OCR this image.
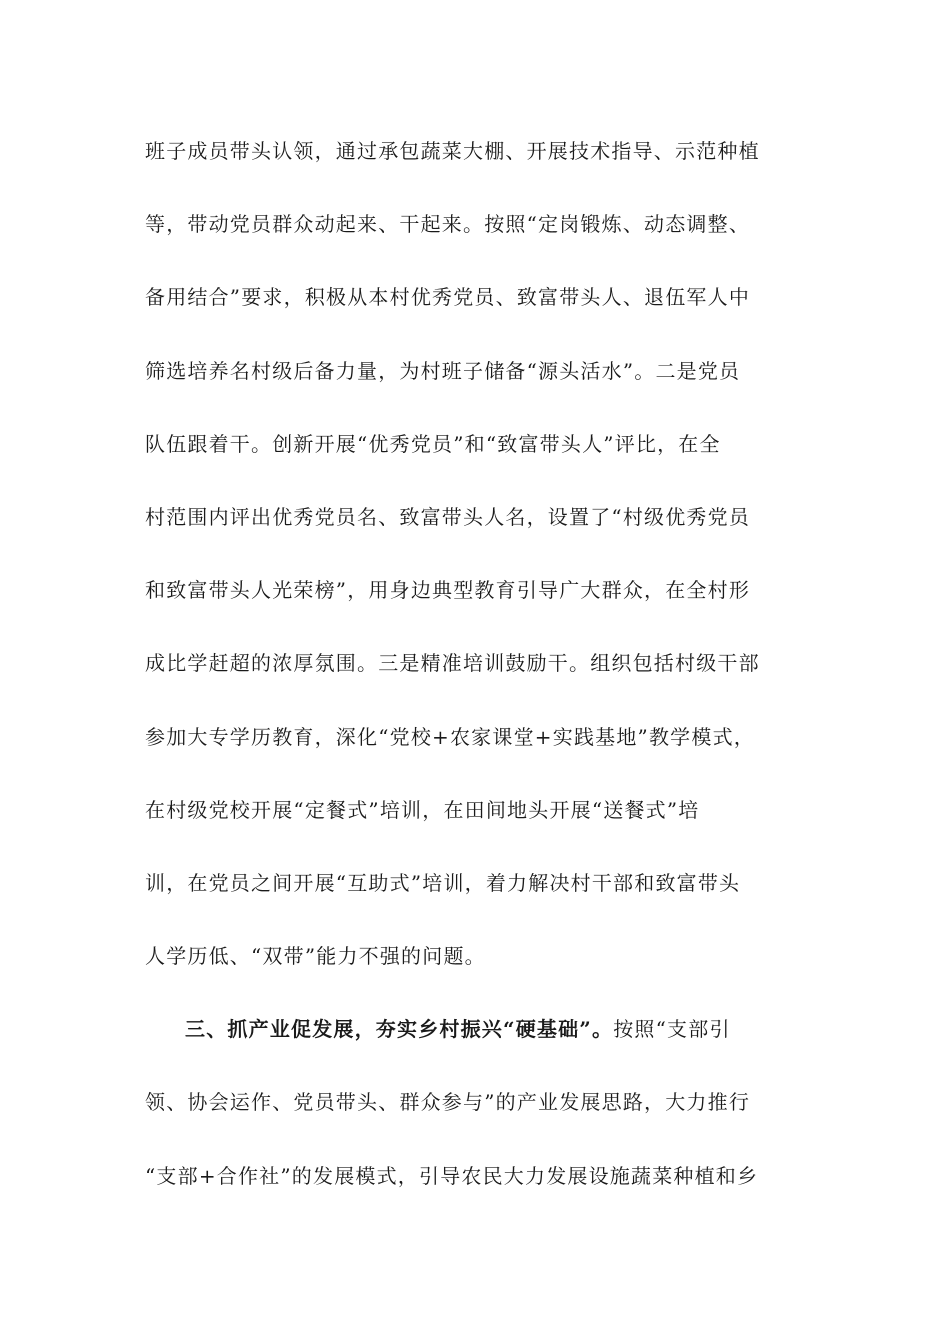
班子成员带头认领，通过承包蔬菜大棚、开展技术指导、示范种植
等，带动党员群众动起来、干起来。按照“定岗锻炼、动态调整、
备用结合”要求，积极从本村优秀党员、致富带头人、退伍军人中
筛选培养名村级后备力量，为村班子储备“源头活水”。二是党员
队伍跟着干。创新开展“优秀党员”和“致富带头人”评比，在全
村范围内评出优秀党员名、致富带头人名，设置了“村级优秀党员
和致富带头人光荣榜”，用身边典型教育引导广大群众，在全村形
成比学赶超的浓厚氛围。三是精准培训鼓励干。组织包括村级干部
参加大专学历教育，深化“党校+农家课堂+实践基地”教学模式，
在村级党校开展“定餐式”培训，在田间地头开展“送餐式”培
训，在党员之间开展“互助式”培训，着力解决村干部和致富带头
人学历低、“双带”能力不强的问题。
三、抓产业促发展，夯实乡村振兴“硬基础”。按照“支部引
领、协会运作、党员带头、群众参与”的产业发展思路，大力推行
“支部+合作社”的发展模式，引导农民大力发展设施蔬菜种植和乡
